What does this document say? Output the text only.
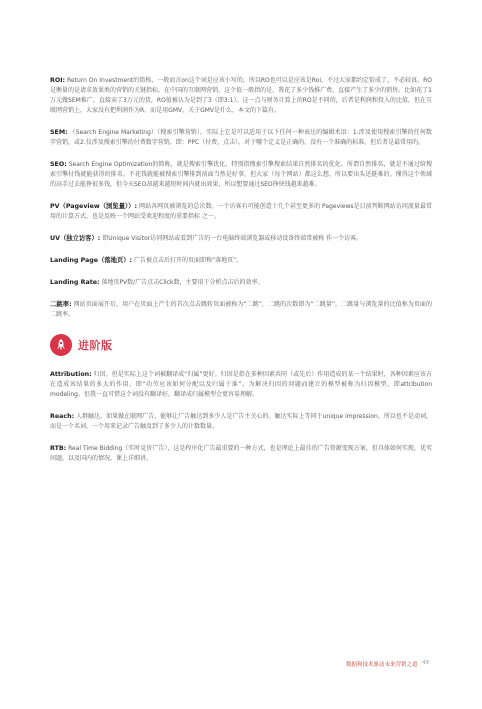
ROI: Return On Investment的简称，一般而言on这个词是应该小写的，所以RO也可以是应该是Roi，不过大家都约定俗成了，不必较真。RO是衡量的是请求效果类的营销的关键指标，在中国的互联网营销，这个值一般指的是，我花了多少钱推广费，直接产生了多少的销售。比如花了1万元做SEM推广，直接卖了3万元的货，RO值被认为是到了3（即3:1）。这一点与财务计算上的RO是不同的，后者是利润和投入的比值，但在互联网营销上，大家没有把利润作为R，而是用GMV，关于GMV是什么，本文的下篇有。

SEM: （Search Engine Marketing）（搜索引擎营销），实际上它是可以适用于以下任何一种表达的编辑术语：1.涉及使用搜索引擎的任何数字营销，或2.仅涉及搜索引擎的付费数字营销，即：PPC（付费，点击）。对于哪个定义是正确的，没有一个准确的标准，但后者是最常用的。

SEO: Search Engine Optimization的简称，就是搜索引擎优化，特别指搜索引擎搜索结果自然排名的优化。所谓自然排名，就是不通过给搜索引擎付钱就能获得的排名。不花钱就能被搜索引擎排到前面当然是好事，但大家（每个网站）都这么想，所以要出头还挺难的。懂得这个领域的高手过去能挣很多钱，但今天SEO却越来越短时间内就出效果，所以想要通过SEO挣快钱越来越难。

PV（Pageview（浏览量））: 网站各网页被浏览的总次数。一个访客有可能创造十几个甚至更多的 Pageviews是目前判断网站访问流量最常用的计算方式，也是反映一个网站受欢迎程度的重要指标 之一。

UV（独立访客）: 即Unique Visitor访问网站或看到广告的一台电脑终端浏览器或移动设备终端常被称 作一个访客。

Landing Page（落地页）: 广告被点击后打开的页面即称“落地页”。

Landing Rate: 落地页PV数/广告点击Click数，主要用于分析点击后的效率。

二跳率: 网站页面展开后，用户在页面上产生的首次点击跳转页面被称为“二跳”，二跳的次数即为“二跳量”，二跳量与浏览量的比值称为页面的二跳率。

进阶版

Attribution: 归因。但是实际上这个词被翻译成“归属”更好。归因是指在多种因素共同（或先后）作用造成的某一个结果时，各种因素应该占在造成该结果的多大的作用，即“功劳应该如何分配以及归属于谁”。为解决归因的问题而建立的模型被称为归因模型，即attribution modeling。但我一直可惜这个词没有翻译好，翻译成归属模型会更容易理解。

Reach: 人群触达，如果做在联网广告，能够让广告触达到多少人是广告主关心的。触达实际上等同于unique impression，所以也不是动词，而是一个名词，一个用来记录广告触及到了多少人的计数数量。

RTB: Real Time Bidding（实时竞价广告），这是程序化广告最重要的一种方式，也是理论上最佳的广告资源变现方案，但具体如何实现，优劣问题，以及国内的情况，课上详细讲。

数据和技术驱动未来营销之道 49
